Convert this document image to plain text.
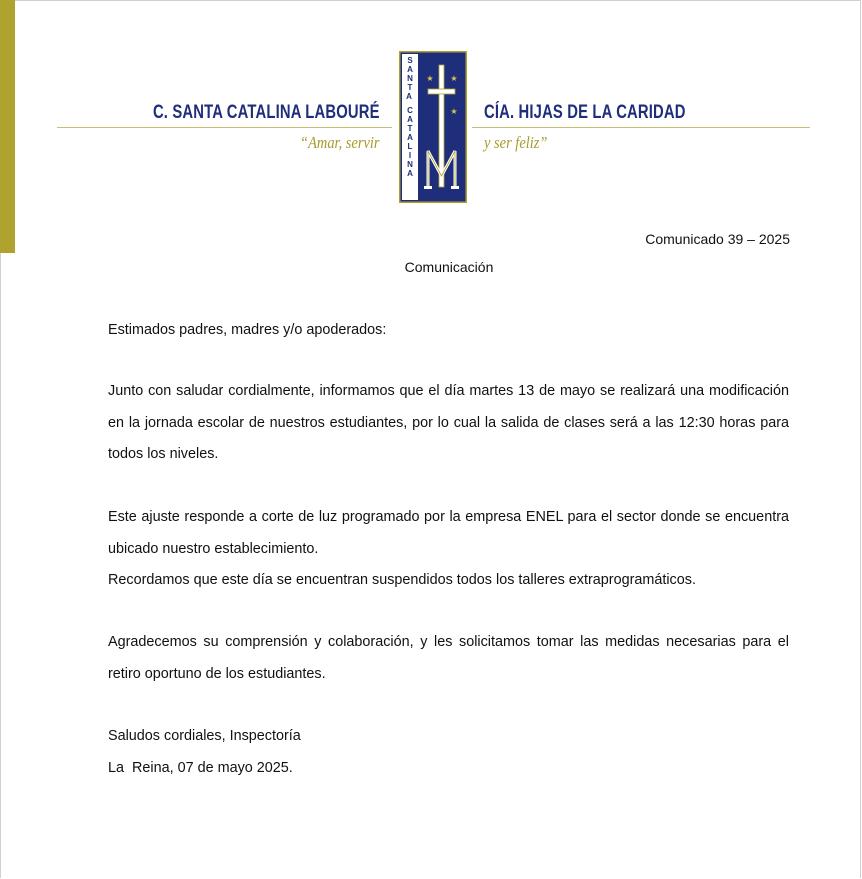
C. SANTA CATALINA LABOURÉ	CÍA. HIJAS DE LA CARIDAD
“Amar, servir	y ser feliz”
S A N T A C A T A L I N A
★ ★
★
Comunicado 39 – 2025
Comunicación

Estimados padres, madres y/o apoderados:

Junto con saludar cordialmente, informamos que el día martes 13 de mayo se realizará una modificación en la jornada escolar de nuestros estudiantes, por lo cual la salida de clases será a las 12:30 horas para todos los niveles.

Este ajuste responde a corte de luz programado por la empresa ENEL para el sector donde se encuentra ubicado nuestro establecimiento.

Recordamos que este día se encuentran suspendidos todos los talleres extraprogramáticos.

Agradecemos su comprensión y colaboración, y les solicitamos tomar las medidas necesarias para el retiro oportuno de los estudiantes.

Saludos cordiales, Inspectoría

La  Reina, 07 de mayo 2025.
